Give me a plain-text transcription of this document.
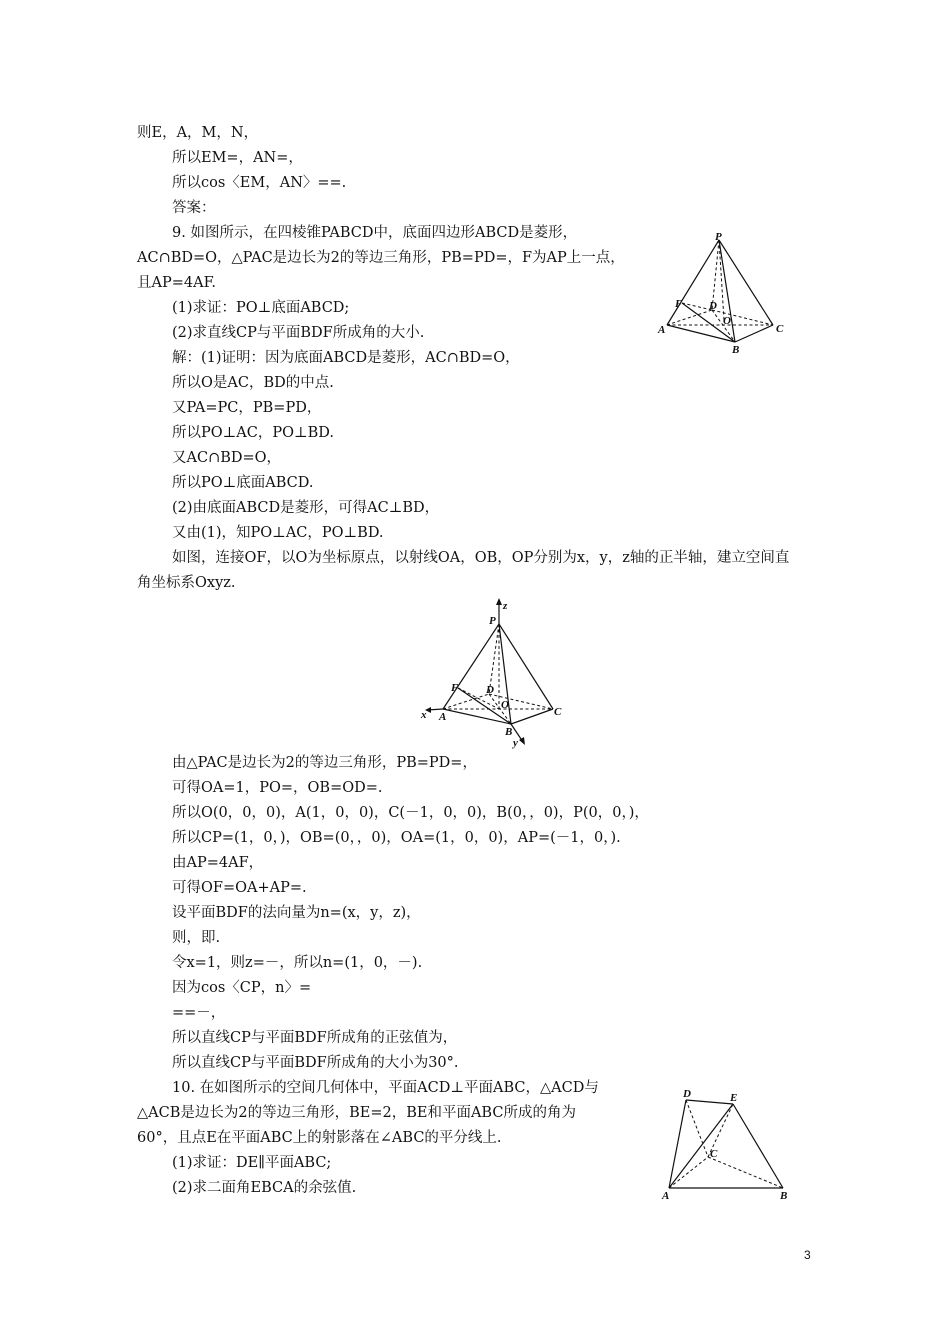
则E，A，M，N，
所以EM=，AN=，
所以cos〈EM，AN〉==.
答案：
9. 如图所示，在四棱锥PABCD中，底面四边形ABCD是菱形，
AC∩BD=O，△PAC是边长为2的等边三角形，PB=PD=，F为AP上一点，
且AP=4AF.
(1)求证：PO⊥底面ABCD;
(2)求直线CP与平面BDF所成角的大小.
解：(1)证明：因为底面ABCD是菱形，AC∩BD=O，
所以O是AC，BD的中点.
又PA=PC，PB=PD，
所以PO⊥AC，PO⊥BD.
又AC∩BD=O，
所以PO⊥底面ABCD.
(2)由底面ABCD是菱形，可得AC⊥BD，
又由(1)，知PO⊥AC，PO⊥BD.
如图，连接OF，以O为坐标原点，以射线OA，OB，OP分别为x，y，z轴的正半轴，建立空间直
角坐标系Oxyz.
由△PAC是边长为2的等边三角形，PB=PD=，
可得OA=1，PO=，OB=OD=.
所以O(0，0，0)，A(1，0，0)，C(－1，0，0)，B(0，，0)，P(0，0，)，
所以CP=(1，0，)，OB=(0，，0)，OA=(1，0，0)，AP=(－1，0，).
由AP=4AF，
可得OF=OA+AP=.
设平面BDF的法向量为n=(x，y，z)，
则，即.
令x=1，则z=－，所以n=(1，0，－).
因为cos〈CP，n〉=
==－，
所以直线CP与平面BDF所成角的正弦值为，
所以直线CP与平面BDF所成角的大小为30°.
10. 在如图所示的空间几何体中，平面ACD⊥平面ABC，△ACD与
△ACB是边长为2的等边三角形，BE=2，BE和平面ABC所成的角为
60°，且点E在平面ABC上的射影落在∠ABC的平分线上.
(1)求证：DE∥平面ABC;
(2)求二面角EBCA的余弦值.
P
F D
O
A	C
B
z
P
F	D
O
x A	C
B
y
D	E
C
A	B
3
